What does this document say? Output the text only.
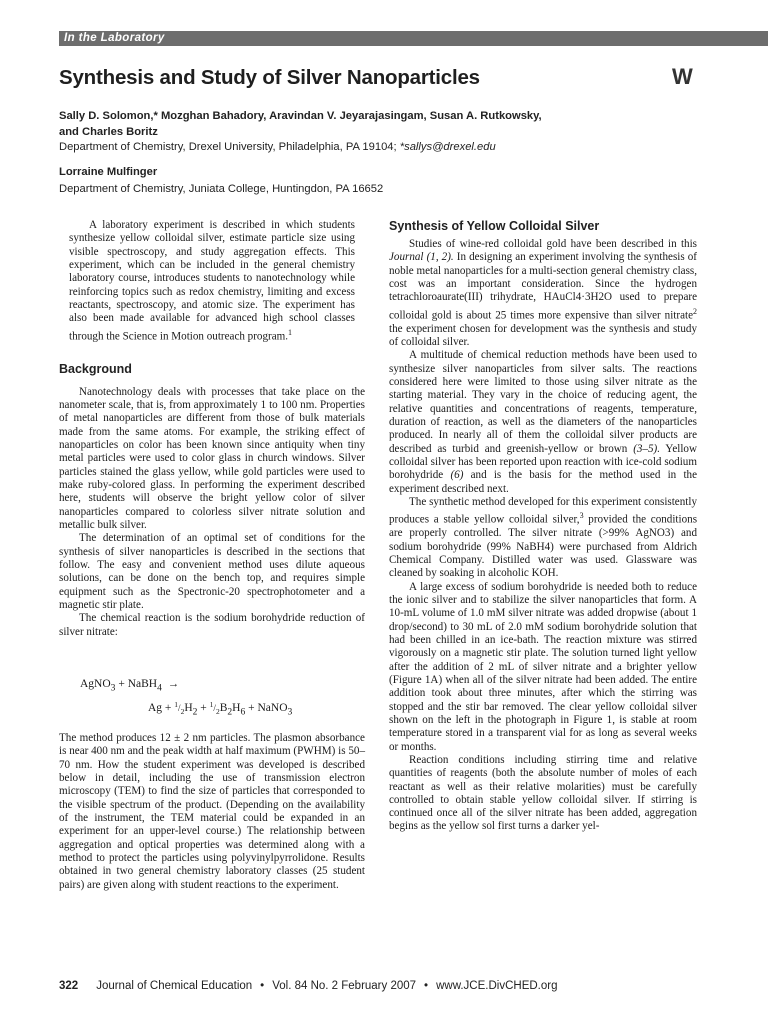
In the Laboratory
Synthesis and Study of Silver Nanoparticles	W
Sally D. Solomon,* Mozghan Bahadory, Aravindan V. Jeyarajasingam, Susan A. Rutkowsky,
and Charles Boritz
Department of Chemistry, Drexel University, Philadelphia, PA 19104; *sallys@drexel.edu
Lorraine Mulfinger
Department of Chemistry, Juniata College, Huntingdon, PA 16652

A laboratory experiment is described in which students synthesize yellow colloidal silver, estimate particle size using visible spectroscopy, and study aggregation effects. This experiment, which can be included in the general chemistry laboratory course, introduces students to nanotechnology while reinforcing topics such as redox chemistry, limiting and excess reactants, spectroscopy, and atomic size. The experiment has also been made available for advanced high school classes through the Science in Motion outreach program.$^1$

Background

Nanotechnology deals with processes that take place on the nanometer scale, that is, from approximately 1 to 100 nm. Properties of metal nanoparticles are different from those of bulk materials made from the same atoms. For example, the striking effect of nanoparticles on color has been known since antiquity when tiny metal particles were used to color glass in church windows. Silver particles stained the glass yellow, while gold particles were used to make ruby-colored glass. In performing the experiment described here, students will observe the bright yellow color of silver nanoparticles compared to colorless silver nitrate solution and metallic bulk silver.

The determination of an optimal set of conditions for the synthesis of silver nanoparticles is described in the sections that follow. The easy and convenient method uses dilute aqueous solutions, can be done on the bench top, and requires simple equipment such as the Spectronic-20 spectrophotometer and a magnetic stir plate.

The chemical reaction is the sodium borohydride reduction of silver nitrate:

AgNO$_3$ + NaBH$_4$  →
$Ag + ^1/_2H_2 + ^1/_2B_2H_6$ + NaNO$_3$

The method produces 12 ± 2 nm particles. The plasmon absorbance is near 400 nm and the peak width at half maximum (PWHM) is 50–70 nm. How the student experiment was developed is described below in detail, including the use of transmission electron microscopy (TEM) to find the size of particles that corresponded to the visible spectrum of the product. (Depending on the availability of the instrument, the TEM material could be expanded in an experiment for an upper-level course.) The relationship between aggregation and optical properties was determined along with a method to protect the particles using polyvinylpyrrolidone. Results obtained in two general chemistry laboratory classes (25 student pairs) are given along with student reactions to the experiment.

Synthesis of Yellow Colloidal Silver

Studies of wine-red colloidal gold have been described in this Journal (1, 2). In designing an experiment involving the synthesis of noble metal nanoparticles for a multi-section general chemistry class, cost was an important consideration. Since the hydrogen tetrachloroaurate(III) trihydrate, HAuCl4·3H2O used to prepare colloidal gold is about 25 times more expensive than silver nitrate$^2$ the experiment chosen for development was the synthesis and study of colloidal silver.

A multitude of chemical reduction methods have been used to synthesize silver nanoparticles from silver salts. The reactions considered here were limited to those using silver nitrate as the starting material. They vary in the choice of reducing agent, the relative quantities and concentrations of reagents, temperature, duration of reaction, as well as the diameters of the nanoparticles produced. In nearly all of them the colloidal silver products are described as turbid and greenish-yellow or brown (3–5). Yellow colloidal silver has been reported upon reaction with ice-cold sodium borohydride (6) and is the basis for the method used in the experiment described next.

The synthetic method developed for this experiment consistently produces a stable yellow colloidal silver,$^3$ provided the conditions are properly controlled. The silver nitrate (>99% AgNO3) and sodium borohydride (99% NaBH4) were purchased from Aldrich Chemical Company. Distilled water was used. Glassware was cleaned by soaking in alcoholic KOH.

A large excess of sodium borohydride is needed both to reduce the ionic silver and to stabilize the silver nanoparticles that form. A 10-mL volume of 1.0 mM silver nitrate was added dropwise (about 1 drop/second) to 30 mL of 2.0 mM sodium borohydride solution that had been chilled in an ice-bath. The reaction mixture was stirred vigorously on a magnetic stir plate. The solution turned light yellow after the addition of 2 mL of silver nitrate and a brighter yellow (Figure 1A) when all of the silver nitrate had been added. The entire addition took about three minutes, after which the stirring was stopped and the stir bar removed. The clear yellow colloidal silver shown on the left in the photograph in Figure 1, is stable at room temperature stored in a transparent vial for as long as several weeks or months.

Reaction conditions including stirring time and relative quantities of reagents (both the absolute number of moles of each reactant as well as their relative molarities) must be carefully controlled to obtain stable yellow colloidal silver. If stirring is continued once all of the silver nitrate has been added, aggregation begins as the yellow sol first turns a darker yel-

322 Journal of Chemical Education • Vol. 84 No. 2 February 2007 • www.JCE.DivCHED.org
